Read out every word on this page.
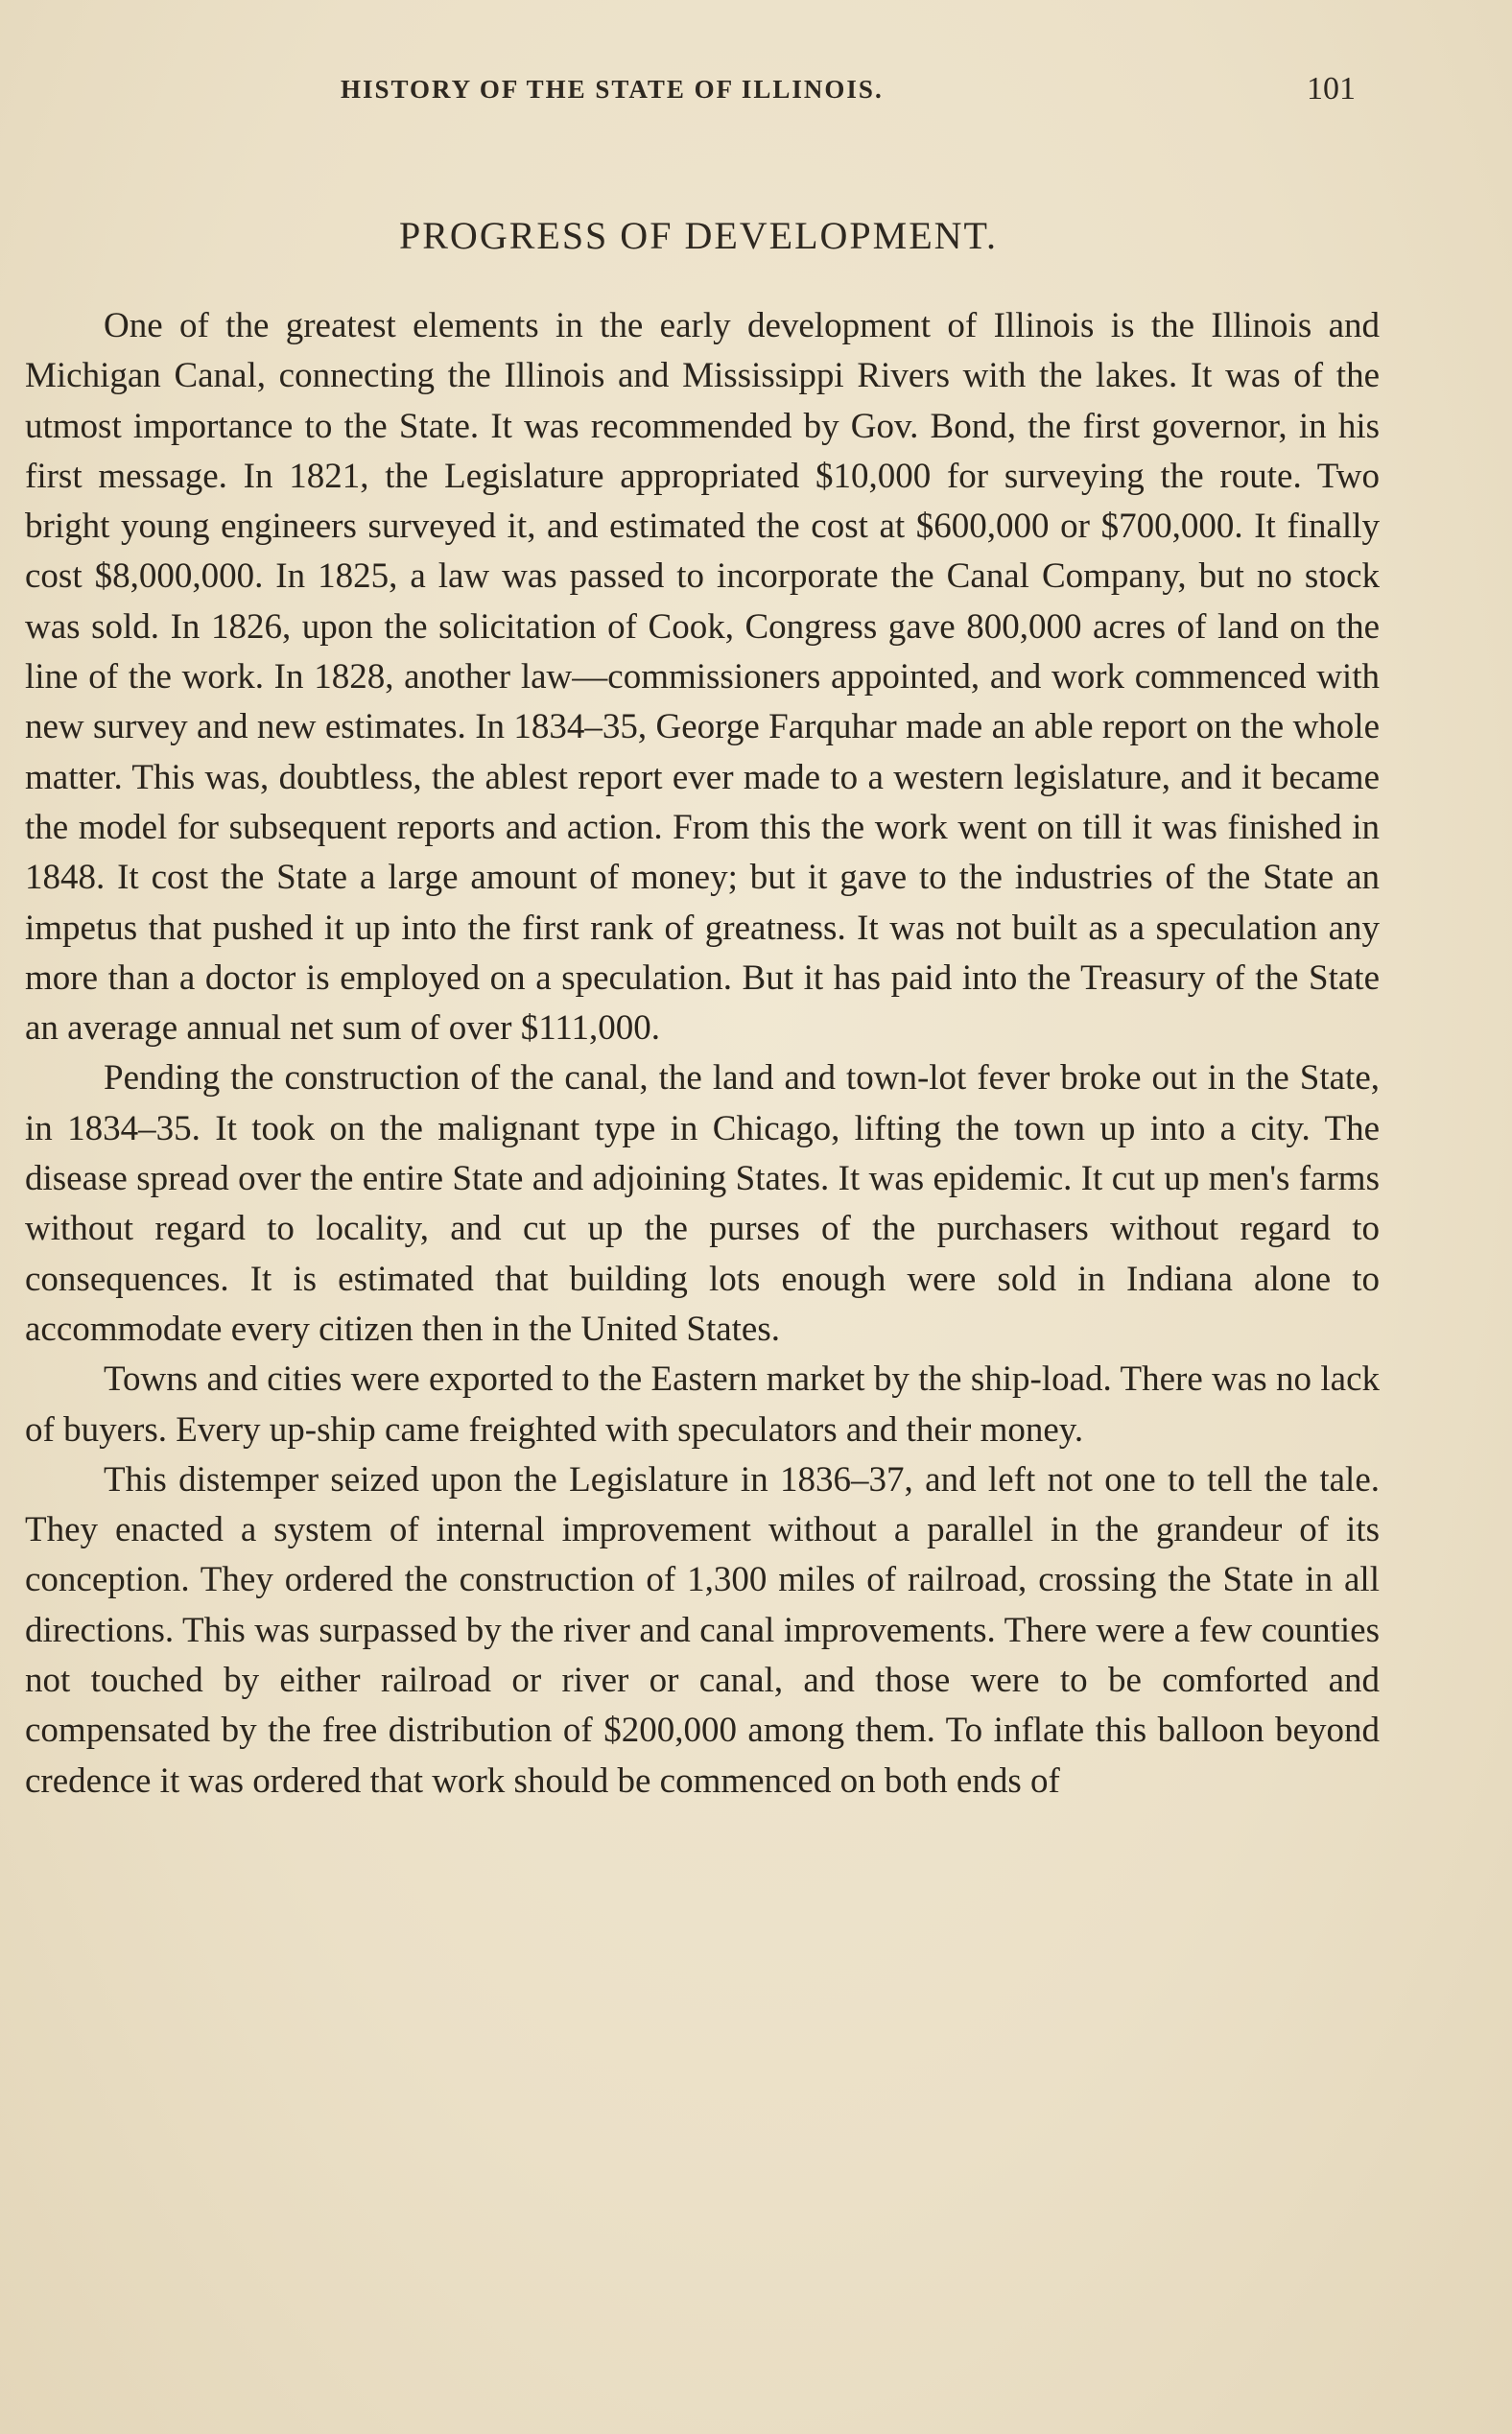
HISTORY OF THE STATE OF ILLINOIS.	101
PROGRESS OF DEVELOPMENT.

One of the greatest elements in the early development of Illinois is the Illinois and Michigan Canal, connecting the Illinois and Mississippi Rivers with the lakes. It was of the utmost importance to the State. It was recommended by Gov. Bond, the first governor, in his first message. In 1821, the Legislature appropriated $10,000 for surveying the route. Two bright young engineers surveyed it, and estimated the cost at $600,000 or $700,000. It finally cost $8,000,000. In 1825, a law was passed to incorporate the Canal Company, but no stock was sold. In 1826, upon the solicitation of Cook, Congress gave 800,000 acres of land on the line of the work. In 1828, another law—commissioners appointed, and work commenced with new survey and new estimates. In 1834–35, George Farquhar made an able report on the whole matter. This was, doubtless, the ablest report ever made to a western legislature, and it became the model for subsequent reports and action. From this the work went on till it was finished in 1848. It cost the State a large amount of money; but it gave to the industries of the State an impetus that pushed it up into the first rank of greatness. It was not built as a speculation any more than a doctor is employed on a speculation. But it has paid into the Treasury of the State an average annual net sum of over $111,000.

Pending the construction of the canal, the land and town-lot fever broke out in the State, in 1834–35. It took on the malignant type in Chicago, lifting the town up into a city. The disease spread over the entire State and adjoining States. It was epidemic. It cut up men's farms without regard to locality, and cut up the purses of the purchasers without regard to consequences. It is estimated that building lots enough were sold in Indiana alone to accommodate every citizen then in the United States.

Towns and cities were exported to the Eastern market by the ship-load. There was no lack of buyers. Every up-ship came freighted with speculators and their money.

This distemper seized upon the Legislature in 1836–37, and left not one to tell the tale. They enacted a system of internal improvement without a parallel in the grandeur of its conception. They ordered the construction of 1,300 miles of railroad, crossing the State in all directions. This was surpassed by the river and canal improvements. There were a few counties not touched by either railroad or river or canal, and those were to be comforted and compensated by the free distribution of $200,000 among them. To inflate this balloon beyond credence it was ordered that work should be commenced on both ends of
